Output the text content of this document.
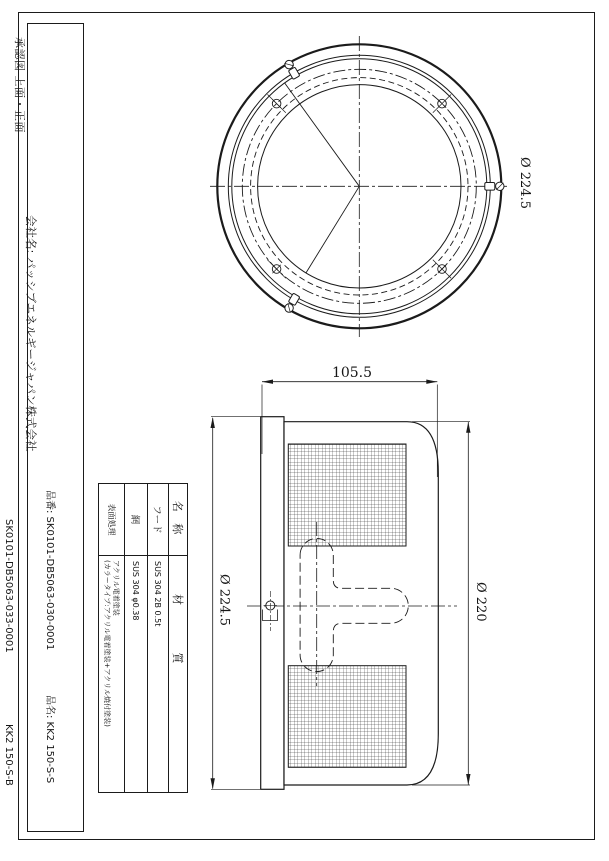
Ø 224.5
105.5
Ø 224.5	Ø 220

承認図 上面・正面

会社名: パッシブエネルギージャパン株式会社

品番: SK0101-DB5063-030-0001

SK0101-DB5063-033-0001

品名: KK2 150-S-S

KK2 150-S-B

名 称
材 質
フード
SUS 304 2B 0.5t
網
SUS 304 φ0.38
表面処理
アクリル電着塗装
(カラータイプ:アクリル電着塗装+アクリル焼付塗装)
